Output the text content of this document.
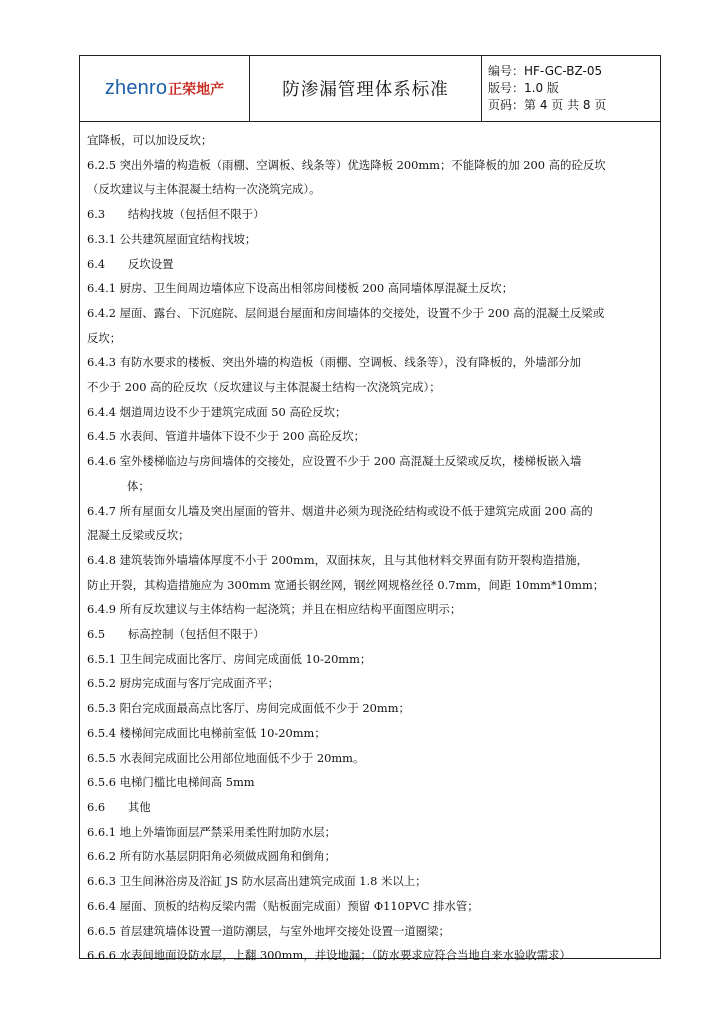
zhenro 正荣地产	防渗漏管理体系标准
编号：HF-GC-BZ-05
版号：1.0 版
页码：第 4 页 共 8 页
宜降板，可以加设反坎；
6.2.5 突出外墙的构造板（雨棚、空调板、线条等）优选降板 200mm；不能降板的加 200 高的砼反坎
（反坎建议与主体混凝土结构一次浇筑完成）。
6.3　　结构找坡（包括但不限于）
6.3.1 公共建筑屋面宜结构找坡；
6.4　　反坎设置
6.4.1 厨房、卫生间周边墙体应下设高出相邻房间楼板 200 高同墙体厚混凝土反坎；
6.4.2 屋面、露台、下沉庭院、层间退台屋面和房间墙体的交接处，设置不少于 200 高的混凝土反梁或
反坎；
6.4.3 有防水要求的楼板、突出外墙的构造板（雨棚、空调板、线条等），没有降板的，外墙部分加
不少于 200 高的砼反坎（反坎建议与主体混凝土结构一次浇筑完成）；
6.4.4 烟道周边设不少于建筑完成面 50 高砼反坎；
6.4.5 水表间、管道井墙体下设不少于 200 高砼反坎；
6.4.6 室外楼梯临边与房间墙体的交接处，应设置不少于 200 高混凝土反梁或反坎，楼梯板嵌入墙
体；
6.4.7 所有屋面女儿墙及突出屋面的管井、烟道井必须为现浇砼结构或设不低于建筑完成面 200 高的
混凝土反梁或反坎；
6.4.8 建筑装饰外墙墙体厚度不小于 200mm，双面抹灰，且与其他材料交界面有防开裂构造措施，
防止开裂，其构造措施应为 300mm 宽通长钢丝网，钢丝网规格丝径 0.7mm，间距 10mm*10mm；
6.4.9 所有反坎建议与主体结构一起浇筑；并且在相应结构平面图应明示；
6.5　　标高控制（包括但不限于）
6.5.1 卫生间完成面比客厅、房间完成面低 10-20mm；
6.5.2 厨房完成面与客厅完成面齐平；
6.5.3 阳台完成面最高点比客厅、房间完成面低不少于 20mm；
6.5.4 楼梯间完成面比电梯前室低 10-20mm；
6.5.5 水表间完成面比公用部位地面低不少于 20mm。
6.5.6 电梯门槛比电梯间高 5mm
6.6　　其他
6.6.1 地上外墙饰面层严禁采用柔性附加防水层；
6.6.2 所有防水基层阴阳角必须做成圆角和倒角；
6.6.3 卫生间淋浴房及浴缸 JS 防水层高出建筑完成面 1.8 米以上；
6.6.4 屋面、顶板的结构反梁内需（贴板面完成面）预留 Φ110PVC 排水管；
6.6.5 首层建筑墙体设置一道防潮层，与室外地坪交接处设置一道圈梁；
6.6.6 水表间地面设防水层，上翻 300mm，并设地漏；（防水要求应符合当地自来水验收需求）
